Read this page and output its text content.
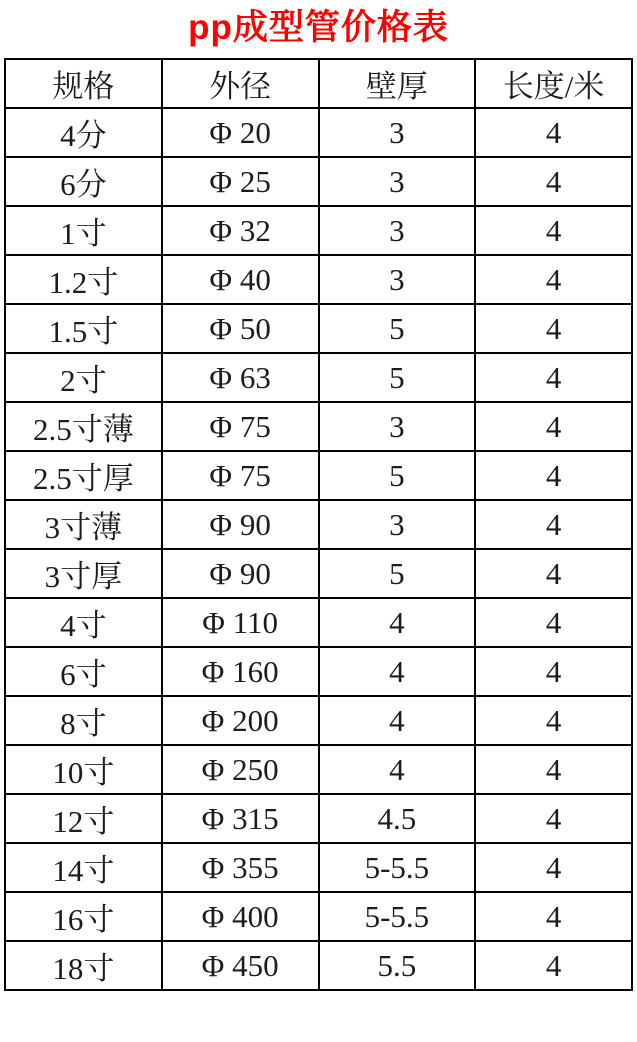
pp成型管价格表
规格	外径	壁厚	长度/米
4分	Φ 20	3	4
6分	Φ 25	3	4
1寸	Φ 32	3	4
1.2寸	Φ 40	3	4
1.5寸	Φ 50	5	4
2寸	Φ 63	5	4
2.5寸薄	Φ 75	3	4
2.5寸厚	Φ 75	5	4
3寸薄	Φ 90	3	4
3寸厚	Φ 90	5	4
4寸	Φ 110	4	4
6寸	Φ 160	4	4
8寸	Φ 200	4	4
10寸	Φ 250	4	4
12寸	Φ 315	4.5	4
14寸	Φ 355	5-5.5	4
16寸	Φ 400	5-5.5	4
18寸	Φ 450	5.5	4
